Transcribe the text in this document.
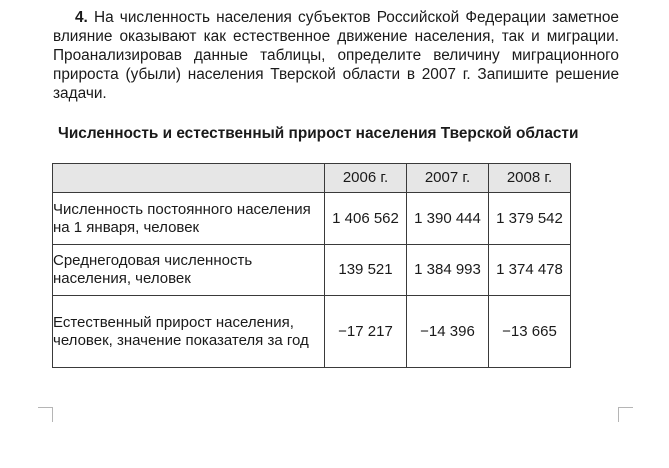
4. На численность населения субъектов Российской Федерации заметное влияние оказывают как естественное движение населения, так и миграции. Проанализировав данные таблицы, определите величину миграционного прироста (убыли) населения Тверской области в 2007 г. Запишите решение задачи.

Численность и естественный прирост населения Тверской области

	2006 г.	2007 г.	2008 г.
Численность постоянного населения на 1 января, человек	1 406 562	1 390 444	1 379 542
Среднегодовая численность населения, человек	139 521	1 384 993	1 374 478
Естественный прирост населения, человек, значение показателя за год	−17 217	−14 396	−13 665
